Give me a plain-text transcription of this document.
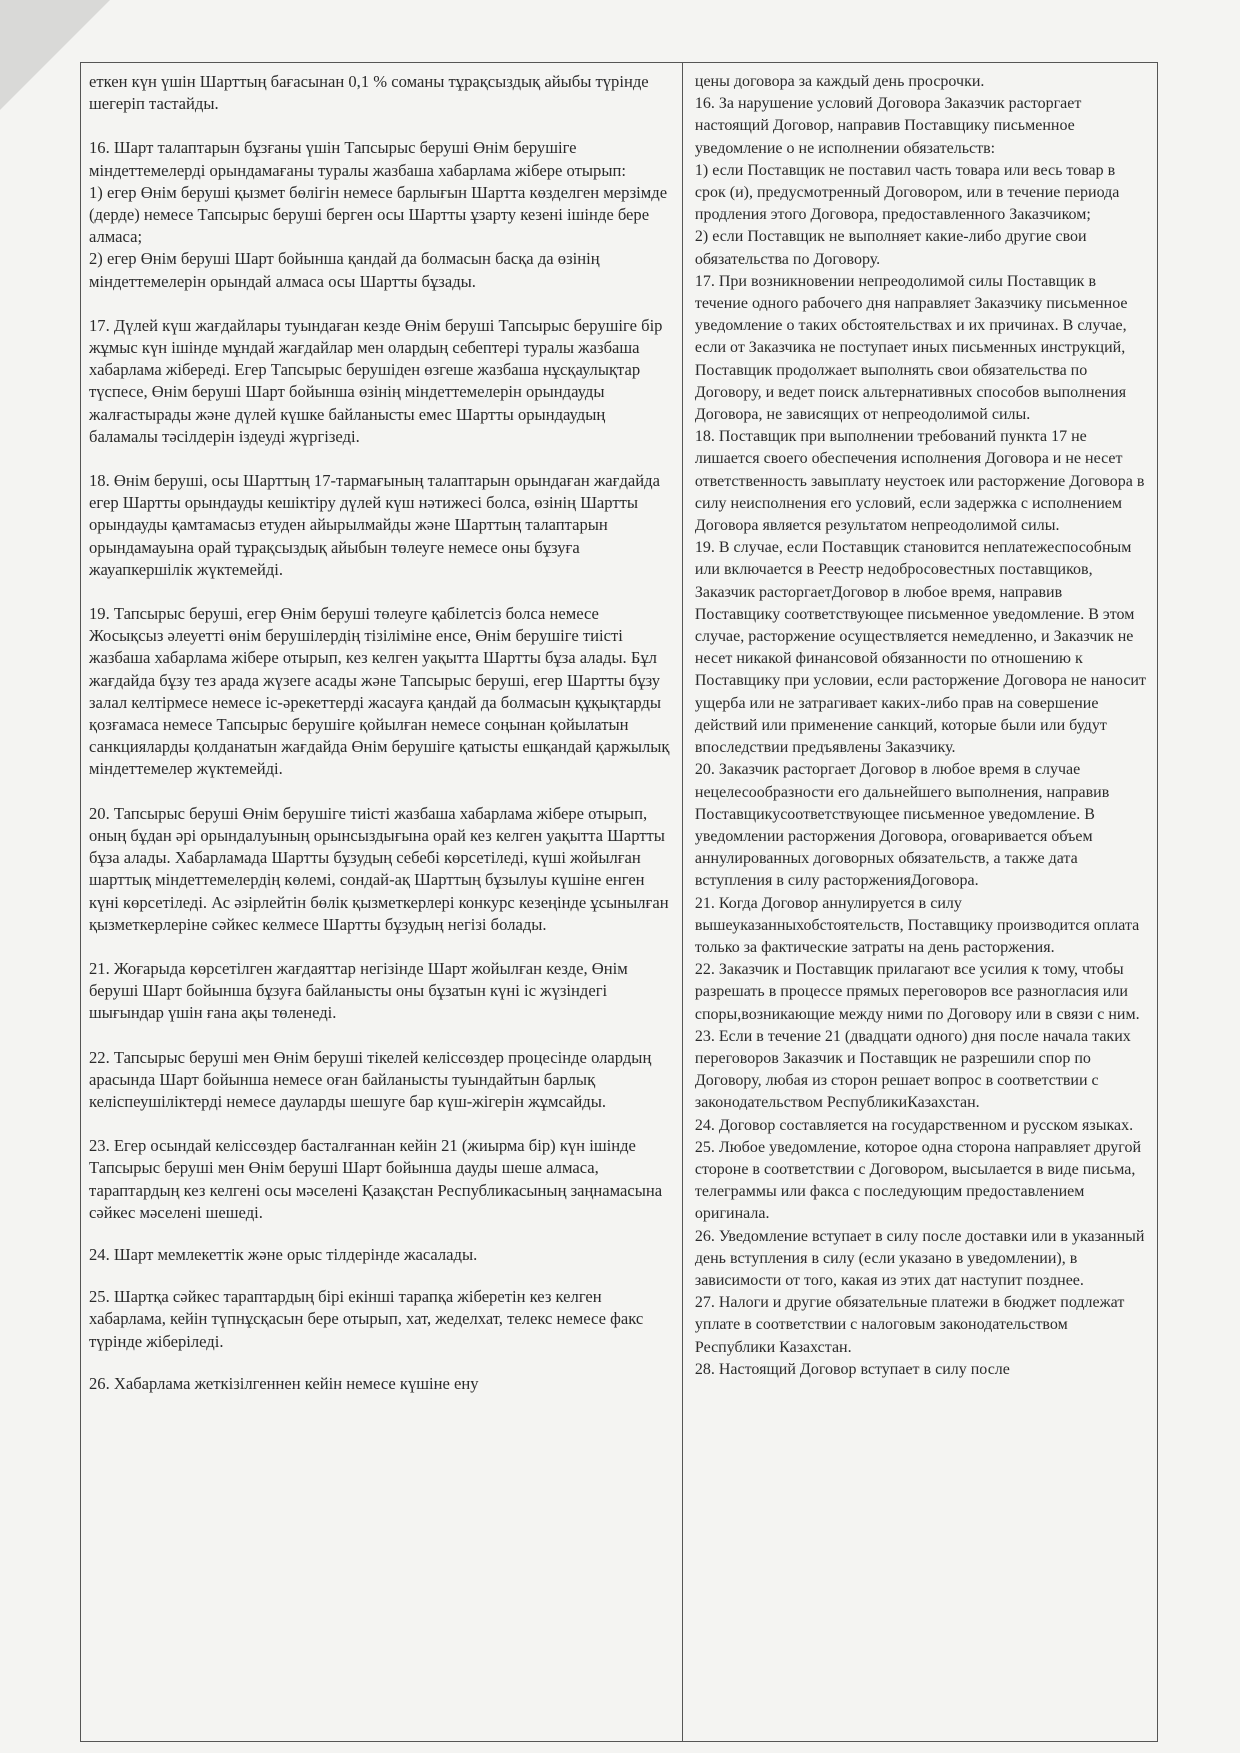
еткен күн үшін Шарттың бағасынан 0,1 % соманы тұрақсыздық айыбы түрінде шегеріп тастайды.

16. Шарт талаптарын бұзғаны үшін Тапсырыс беруші Өнім берушіге міндеттемелерді орындамағаны туралы жазбаша хабарлама жібере отырып:
1) егер Өнім беруші қызмет бөлігін немесе барлығын Шартта көзделген мерзімде (дерде) немесе Тапсырыс беруші берген осы Шартты ұзарту кезені ішінде бере алмаса;
2) егер Өнім беруші Шарт бойынша қандай да болмасын басқа да өзінің міндеттемелерін орындай алмаса осы Шартты бұзады.

17. Дүлей күш жағдайлары туындаған кезде Өнім беруші Тапсырыс берушіге бір жұмыс күн ішінде мұндай жағдайлар мен олардың себептері туралы жазбаша хабарлама жібереді. Егер Тапсырыс берушіден өзгеше жазбаша нұсқаулықтар түспесе, Өнім беруші Шарт бойынша өзінің міндеттемелерін орындауды жалғастырады және дүлей күшке байланысты емес Шартты орындаудың баламалы тәсілдерін іздеуді жүргізеді.

18. Өнім беруші, осы Шарттың 17-тармағының талаптарын орындаған жағдайда егер Шартты орындауды кешіктіру дүлей күш нәтижесі болса, өзінің Шартты орындауды қамтамасыз етуден айырылмайды және Шарттың талаптарын орындамауына орай тұрақсыздық айыбын төлеуге немесе оны бұзуға жауапкершілік жүктемейді.

19. Тапсырыс беруші, егер Өнім беруші төлеуге қабілетсіз болса немесе Жосықсыз әлеуетті өнім берушілердің тізіліміне енсе, Өнім берушіге тиісті жазбаша хабарлама жібере отырып, кез келген уақытта Шартты бұза алады. Бұл жағдайда бұзу тез арада жүзеге асады және Тапсырыс беруші, егер Шартты бұзу залал келтірмесе немесе іс-әрекеттерді жасауға қандай да болмасын құқықтарды қозғамаса немесе Тапсырыс берушіге қойылған немесе соңынан қойылатын санкцияларды қолданатын жағдайда Өнім берушіге қатысты ешқандай қаржылық міндеттемелер жүктемейді.

20. Тапсырыс беруші Өнім берушіге тиісті жазбаша хабарлама жібере отырып, оның бұдан әрі орындалуының орынсыздығына орай кез келген уақытта Шартты бұза алады. Хабарламада Шартты бұзудың себебі көрсетіледі, күші жойылған шарттық міндеттемелердің көлемі, сондай-ақ Шарттың бұзылуы күшіне енген күні көрсетіледі. Ас әзірлейтін бөлік қызметкерлері конкурс кезеңінде ұсынылған қызметкерлеріне сәйкес келмесе Шартты бұзудың негізі болады.

21. Жоғарыда көрсетілген жағдаяттар негізінде Шарт жойылған кезде, Өнім беруші Шарт бойынша бұзуға байланысты оны бұзатын күні іс жүзіндегі шығындар үшін ғана ақы төленеді.

22. Тапсырыс беруші мен Өнім беруші тікелей келіссөздер процесінде олардың арасында Шарт бойынша немесе оған байланысты туындайтын барлық келіспеушіліктерді немесе дауларды шешуге бар күш-жігерін жұмсайды.

23. Егер осындай келіссөздер басталғаннан кейін 21 (жиырма бір) күн ішінде Тапсырыс беруші мен Өнім беруші Шарт бойынша дауды шеше алмаса, тараптардың кез келгені осы мәселені Қазақстан Республикасының заңнамасына сәйкес мәселені шешеді.

24. Шарт мемлекеттік және орыс тілдерінде жасалады.

25. Шартқа сәйкес тараптардың бірі екінші тарапқа жіберетін кез келген хабарлама, кейін түпнұсқасын бере отырып, хат, жеделхат, телекс немесе факс түрінде жіберіледі.

26. Хабарлама жеткізілгеннен кейін немесе күшіне ену

цены договора за каждый день просрочки.

16. За нарушение условий Договора Заказчик расторгает настоящий Договор, направив Поставщику письменное уведомление о не исполнении обязательств:

1) если Поставщик не поставил часть товара или весь товар в срок (и), предусмотренный Договором, или в течение периода продления этого Договора, предоставленного Заказчиком;

2) если Поставщик не выполняет какие-либо другие свои обязательства по Договору.

17. При возникновении непреодолимой силы Поставщик в течение одного рабочего дня направляет Заказчику письменное уведомление о таких обстоятельствах и их причинах. В случае, если от Заказчика не поступает иных письменных инструкций, Поставщик продолжает выполнять свои обязательства по Договору, и ведет поиск альтернативных способов выполнения Договора, не зависящих от непреодолимой силы.

18. Поставщик при выполнении требований пункта 17 не лишается своего обеспечения исполнения Договора и не несет ответственность завыплату неустоек или расторжение Договора в силу неисполнения его условий, если задержка с исполнением Договора является результатом непреодолимой силы.

19. В случае, если Поставщик становится неплатежеспособным или включается в Реестр недобросовестных поставщиков, Заказчик расторгаетДоговор в любое время, направив Поставщику соответствующее письменное уведомление. В этом случае, расторжение осуществляется немедленно, и Заказчик не несет никакой финансовой обязанности по отношению к Поставщику при условии, если расторжение Договора не наносит ущерба или не затрагивает каких-либо прав на совершение действий или применение санкций, которые были или будут впоследствии предъявлены Заказчику.

20. Заказчик расторгает Договор в любое время в случае нецелесообразности его дальнейшего выполнения, направив Поставщикусоответствующее письменное уведомление. В уведомлении расторжения Договора, оговаривается объем аннулированных договорных обязательств, а также дата вступления в силу расторженияДоговора.

21. Когда Договор аннулируется в силу вышеуказанныхобстоятельств, Поставщику производится оплата только за фактические затраты на день расторжения.

22. Заказчик и Поставщик прилагают все усилия к тому, чтобы разрешать в процессе прямых переговоров все разногласия или споры,возникающие между ними по Договору или в связи с ним.

23. Если в течение 21 (двадцати одного) дня после начала таких переговоров Заказчик и Поставщик не разрешили спор по Договору, любая из сторон решает вопрос в соответствии с законодательством РеспубликиКазахстан.

24. Договор составляется на государственном и русском языках.

25. Любое уведомление, которое одна сторона направляет другой стороне в соответствии с Договором, высылается в виде письма, телеграммы или факса с последующим предоставлением оригинала.

26. Уведомление вступает в силу после доставки или в указанный день вступления в силу (если указано в уведомлении), в зависимости от того, какая из этих дат наступит позднее.

27. Налоги и другие обязательные платежи в бюджет подлежат уплате в соответствии с налоговым законодательством Республики Казахстан.

28. Настоящий Договор вступает в силу после
